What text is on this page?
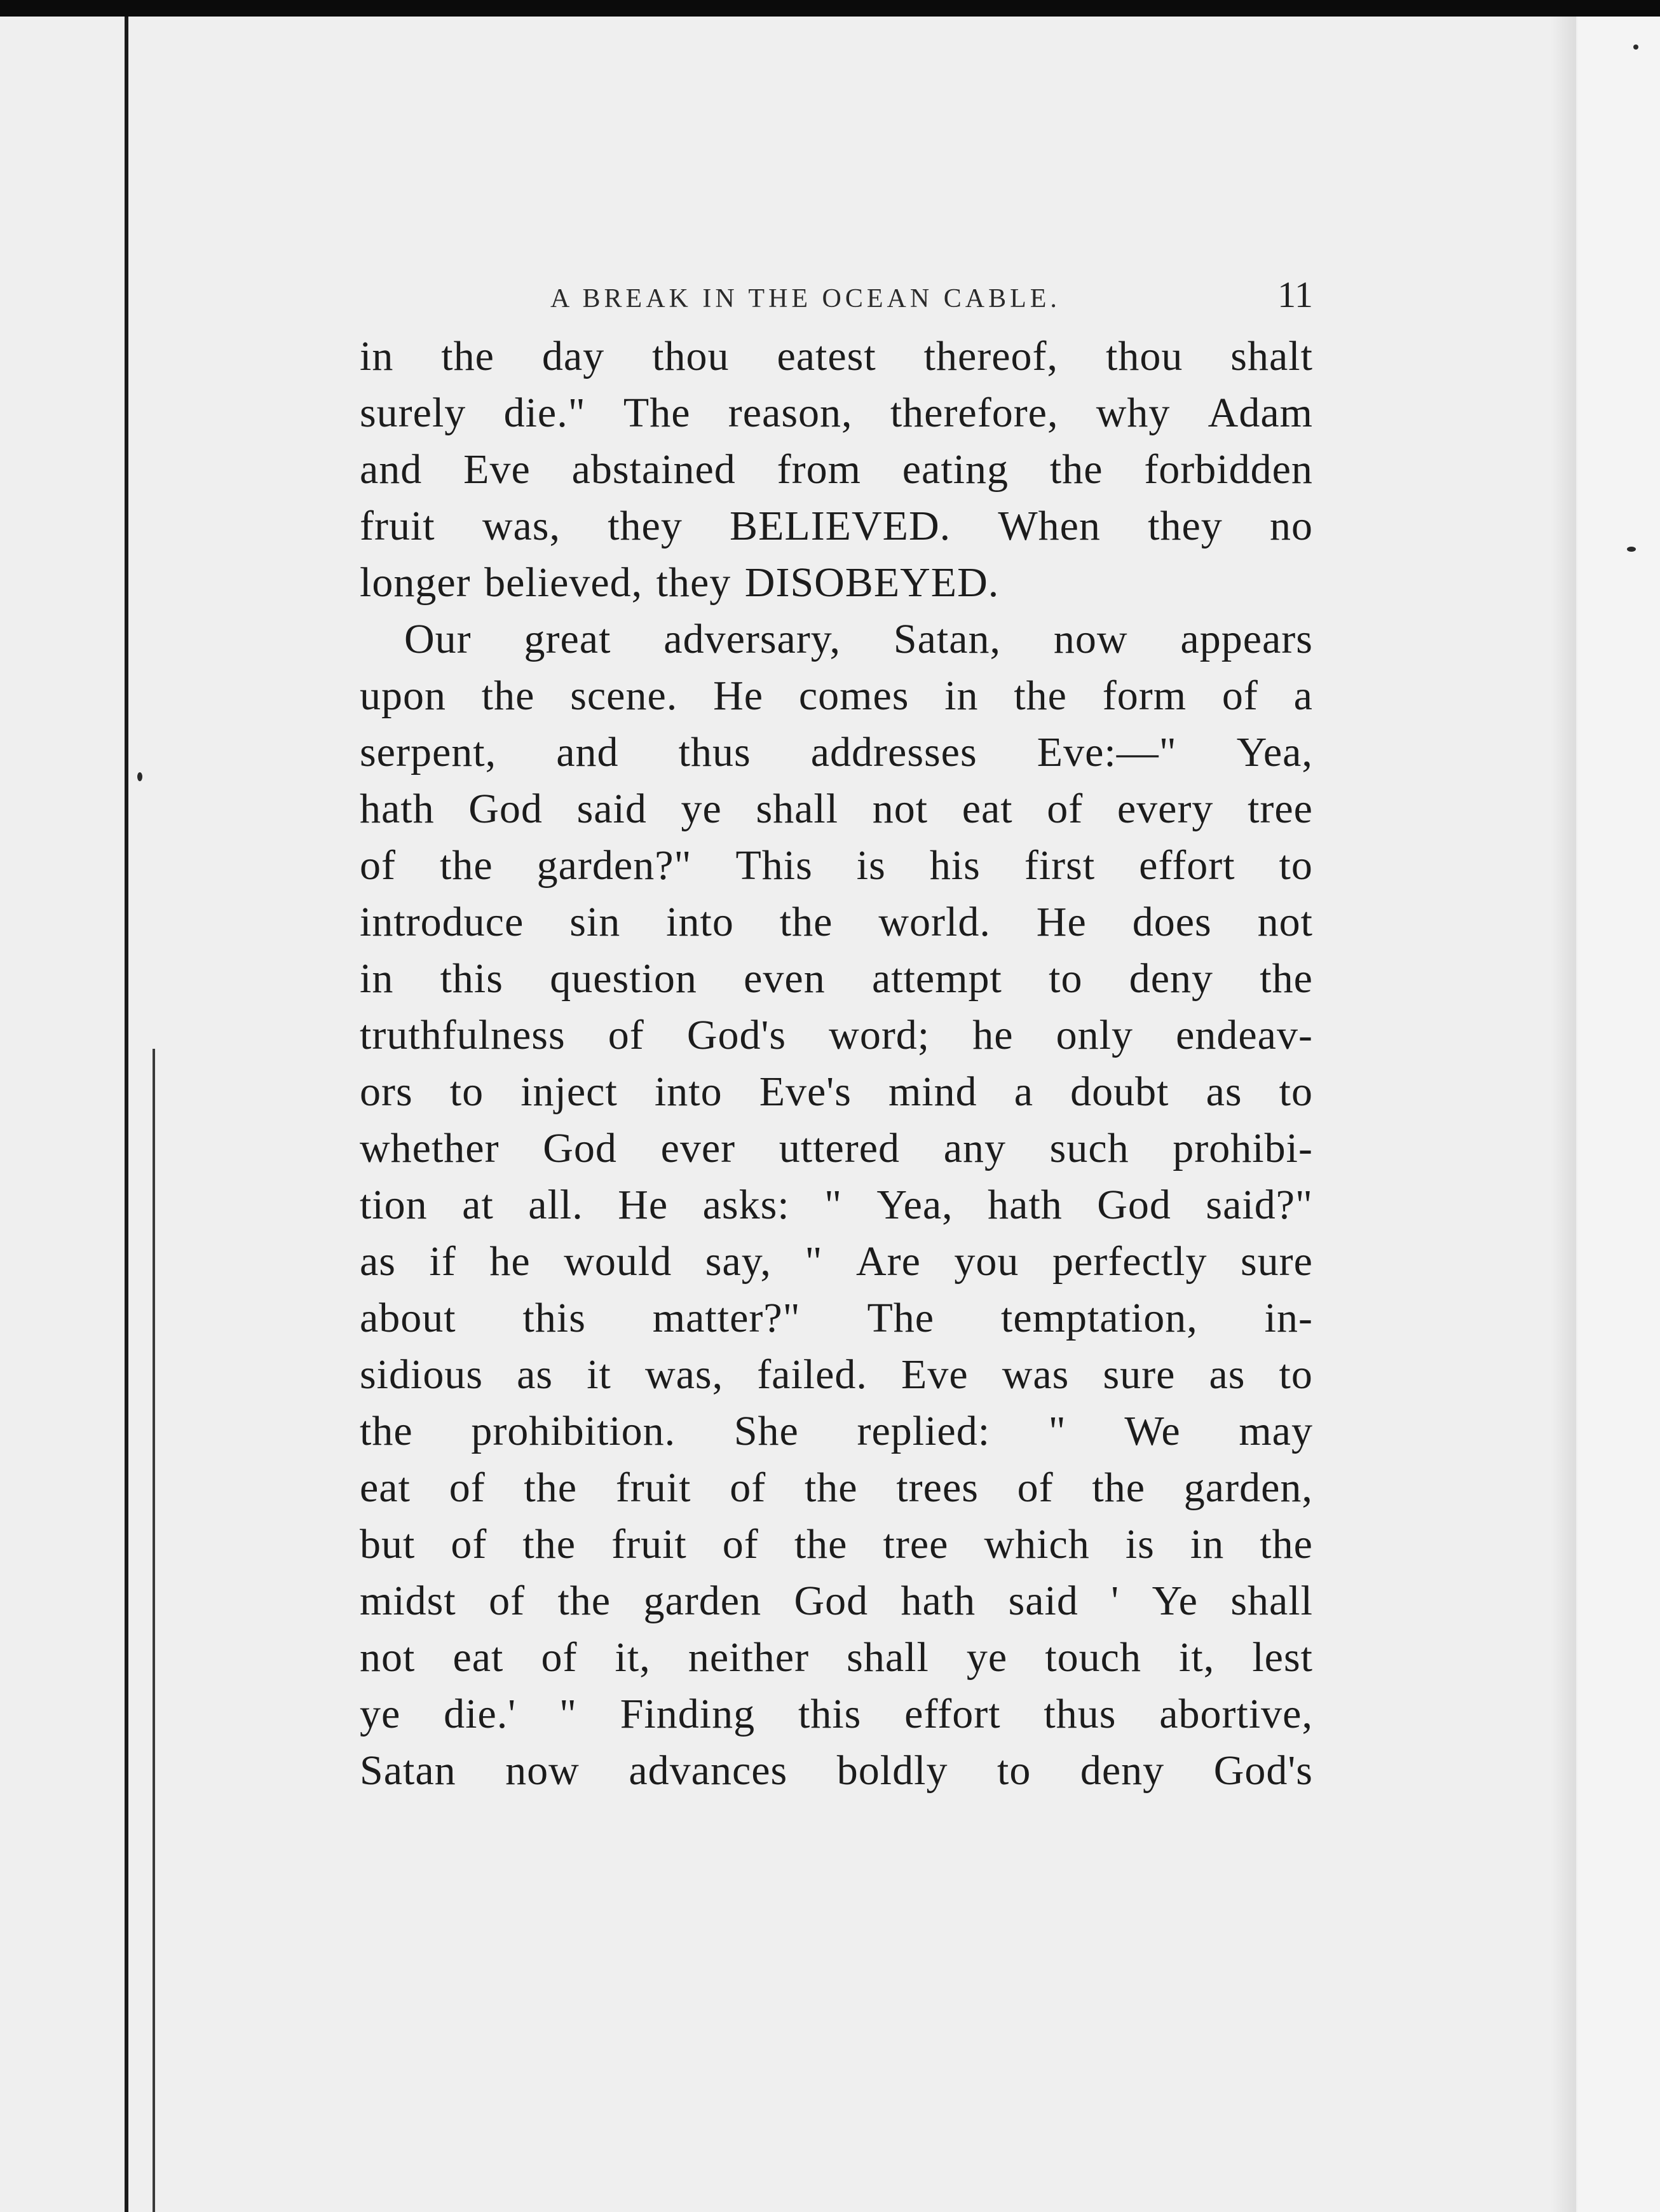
A BREAK IN THE OCEAN CABLE.	11
in the day thou eatest thereof, thou shalt
surely die." The reason, therefore, why Adam
and Eve abstained from eating the forbidden
fruit was, they BELIEVED. When they no
longer believed, they DISOBEYED.
Our great adversary, Satan, now appears
upon the scene. He comes in the form of a
serpent, and thus addresses Eve:—" Yea,
hath God said ye shall not eat of every tree
of the garden?" This is his first effort to
introduce sin into the world. He does not
in this question even attempt to deny the
truthfulness of God's word; he only endeav-
ors to inject into Eve's mind a doubt as to
whether God ever uttered any such prohibi-
tion at all. He asks: " Yea, hath God said?"
as if he would say, " Are you perfectly sure
about this matter?" The temptation, in-
sidious as it was, failed. Eve was sure as to
the prohibition. She replied: " We may
eat of the fruit of the trees of the garden,
but of the fruit of the tree which is in the
midst of the garden God hath said ' Ye shall
not eat of it, neither shall ye touch it, lest
ye die.' " Finding this effort thus abortive,
Satan now advances boldly to deny God's
